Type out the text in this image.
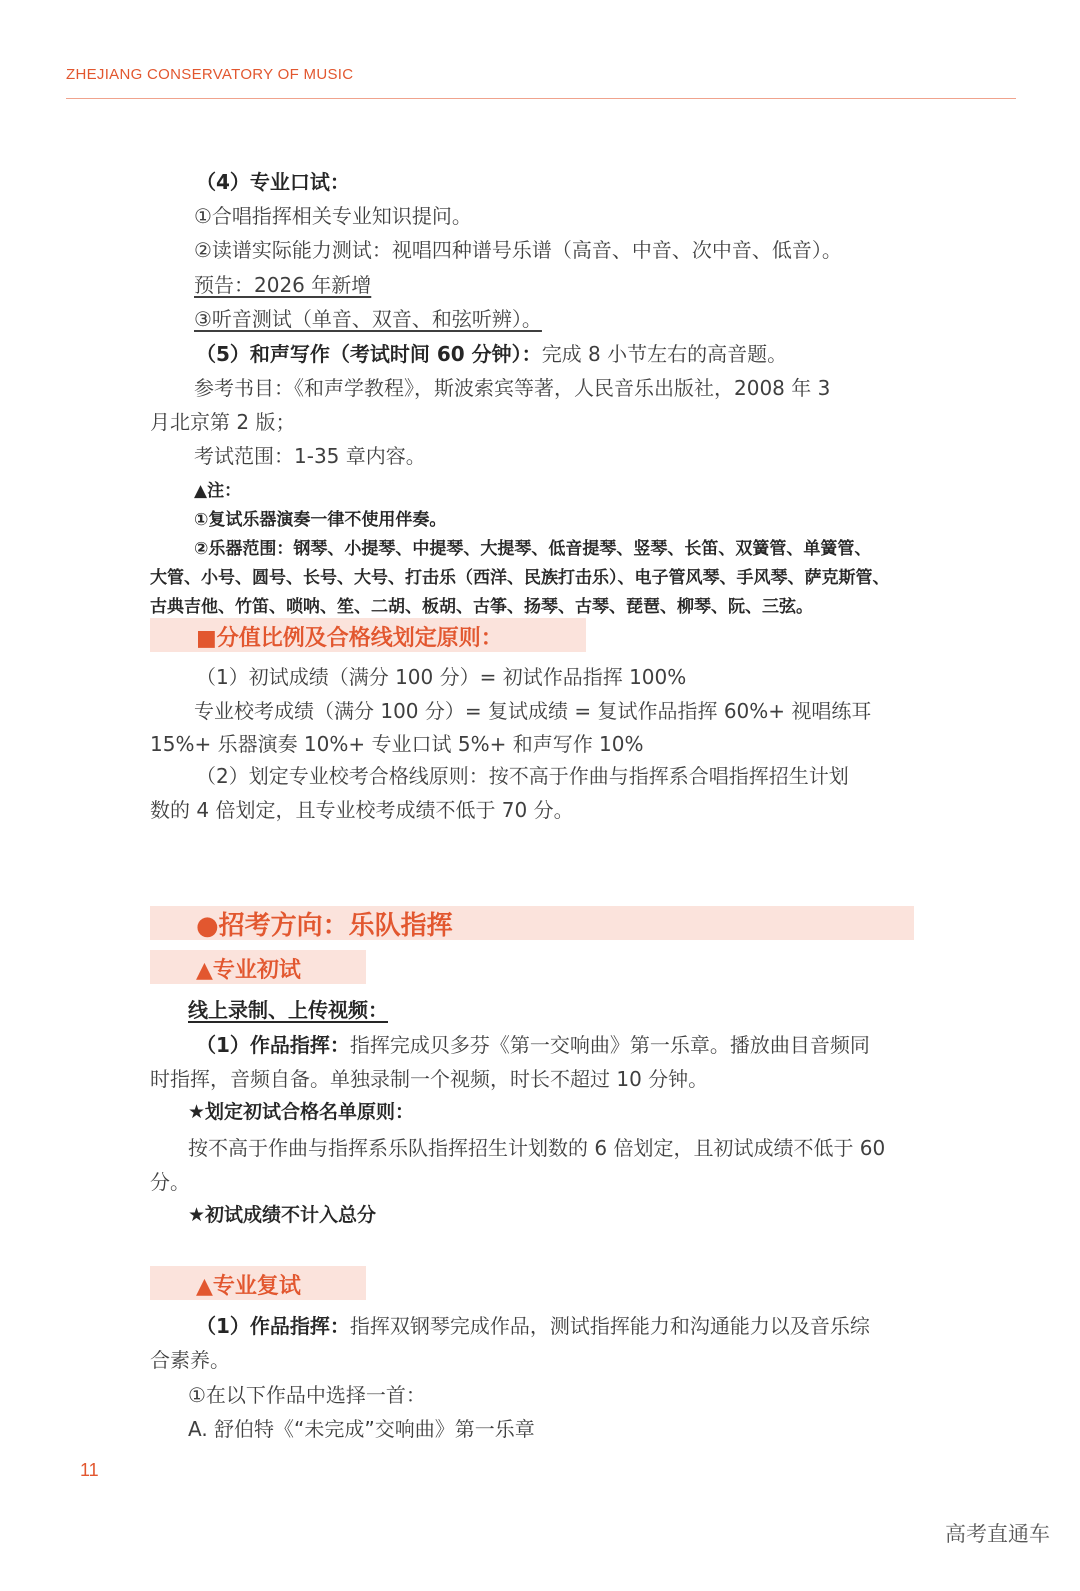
ZHEJIANG CONSERVATORY OF MUSIC
（4）专业口试：
①合唱指挥相关专业知识提问。
②读谱实际能力测试：视唱四种谱号乐谱（高音、中音、次中音、低音）。
预告：2026 年新增
③听音测试（单音、双音、和弦听辨）。
（5）和声写作（考试时间 60 分钟）：完成 8 小节左右的高音题。
参考书目：《和声学教程》，斯波索宾等著，人民音乐出版社，2008 年 3
月北京第 2 版；
考试范围：1-35 章内容。
▲注：
①复试乐器演奏一律不使用伴奏。
②乐器范围：钢琴、小提琴、中提琴、大提琴、低音提琴、竖琴、长笛、双簧管、单簧管、
大管、小号、圆号、长号、大号、打击乐（西洋、民族打击乐）、电子管风琴、手风琴、萨克斯管、
古典吉他、竹笛、唢呐、笙、二胡、板胡、古筝、扬琴、古琴、琵琶、柳琴、阮、三弦。
■分值比例及合格线划定原则：
（1）初试成绩（满分 100 分）= 初试作品指挥 100%
专业校考成绩（满分 100 分）= 复试成绩 = 复试作品指挥 60%+ 视唱练耳
15%+ 乐器演奏 10%+ 专业口试 5%+ 和声写作 10%
（2）划定专业校考合格线原则：按不高于作曲与指挥系合唱指挥招生计划
数的 4 倍划定，且专业校考成绩不低于 70 分。
●招考方向：乐队指挥
▲专业初试
线上录制、上传视频：
（1）作品指挥：指挥完成贝多芬《第一交响曲》第一乐章。播放曲目音频同
时指挥，音频自备。单独录制一个视频，时长不超过 10 分钟。
★划定初试合格名单原则：
按不高于作曲与指挥系乐队指挥招生计划数的 6 倍划定，且初试成绩不低于 60
分。
★初试成绩不计入总分
▲专业复试
（1）作品指挥：指挥双钢琴完成作品，测试指挥能力和沟通能力以及音乐综
合素养。
①在以下作品中选择一首：
A. 舒伯特《“未完成”交响曲》第一乐章
11
高考直通车
